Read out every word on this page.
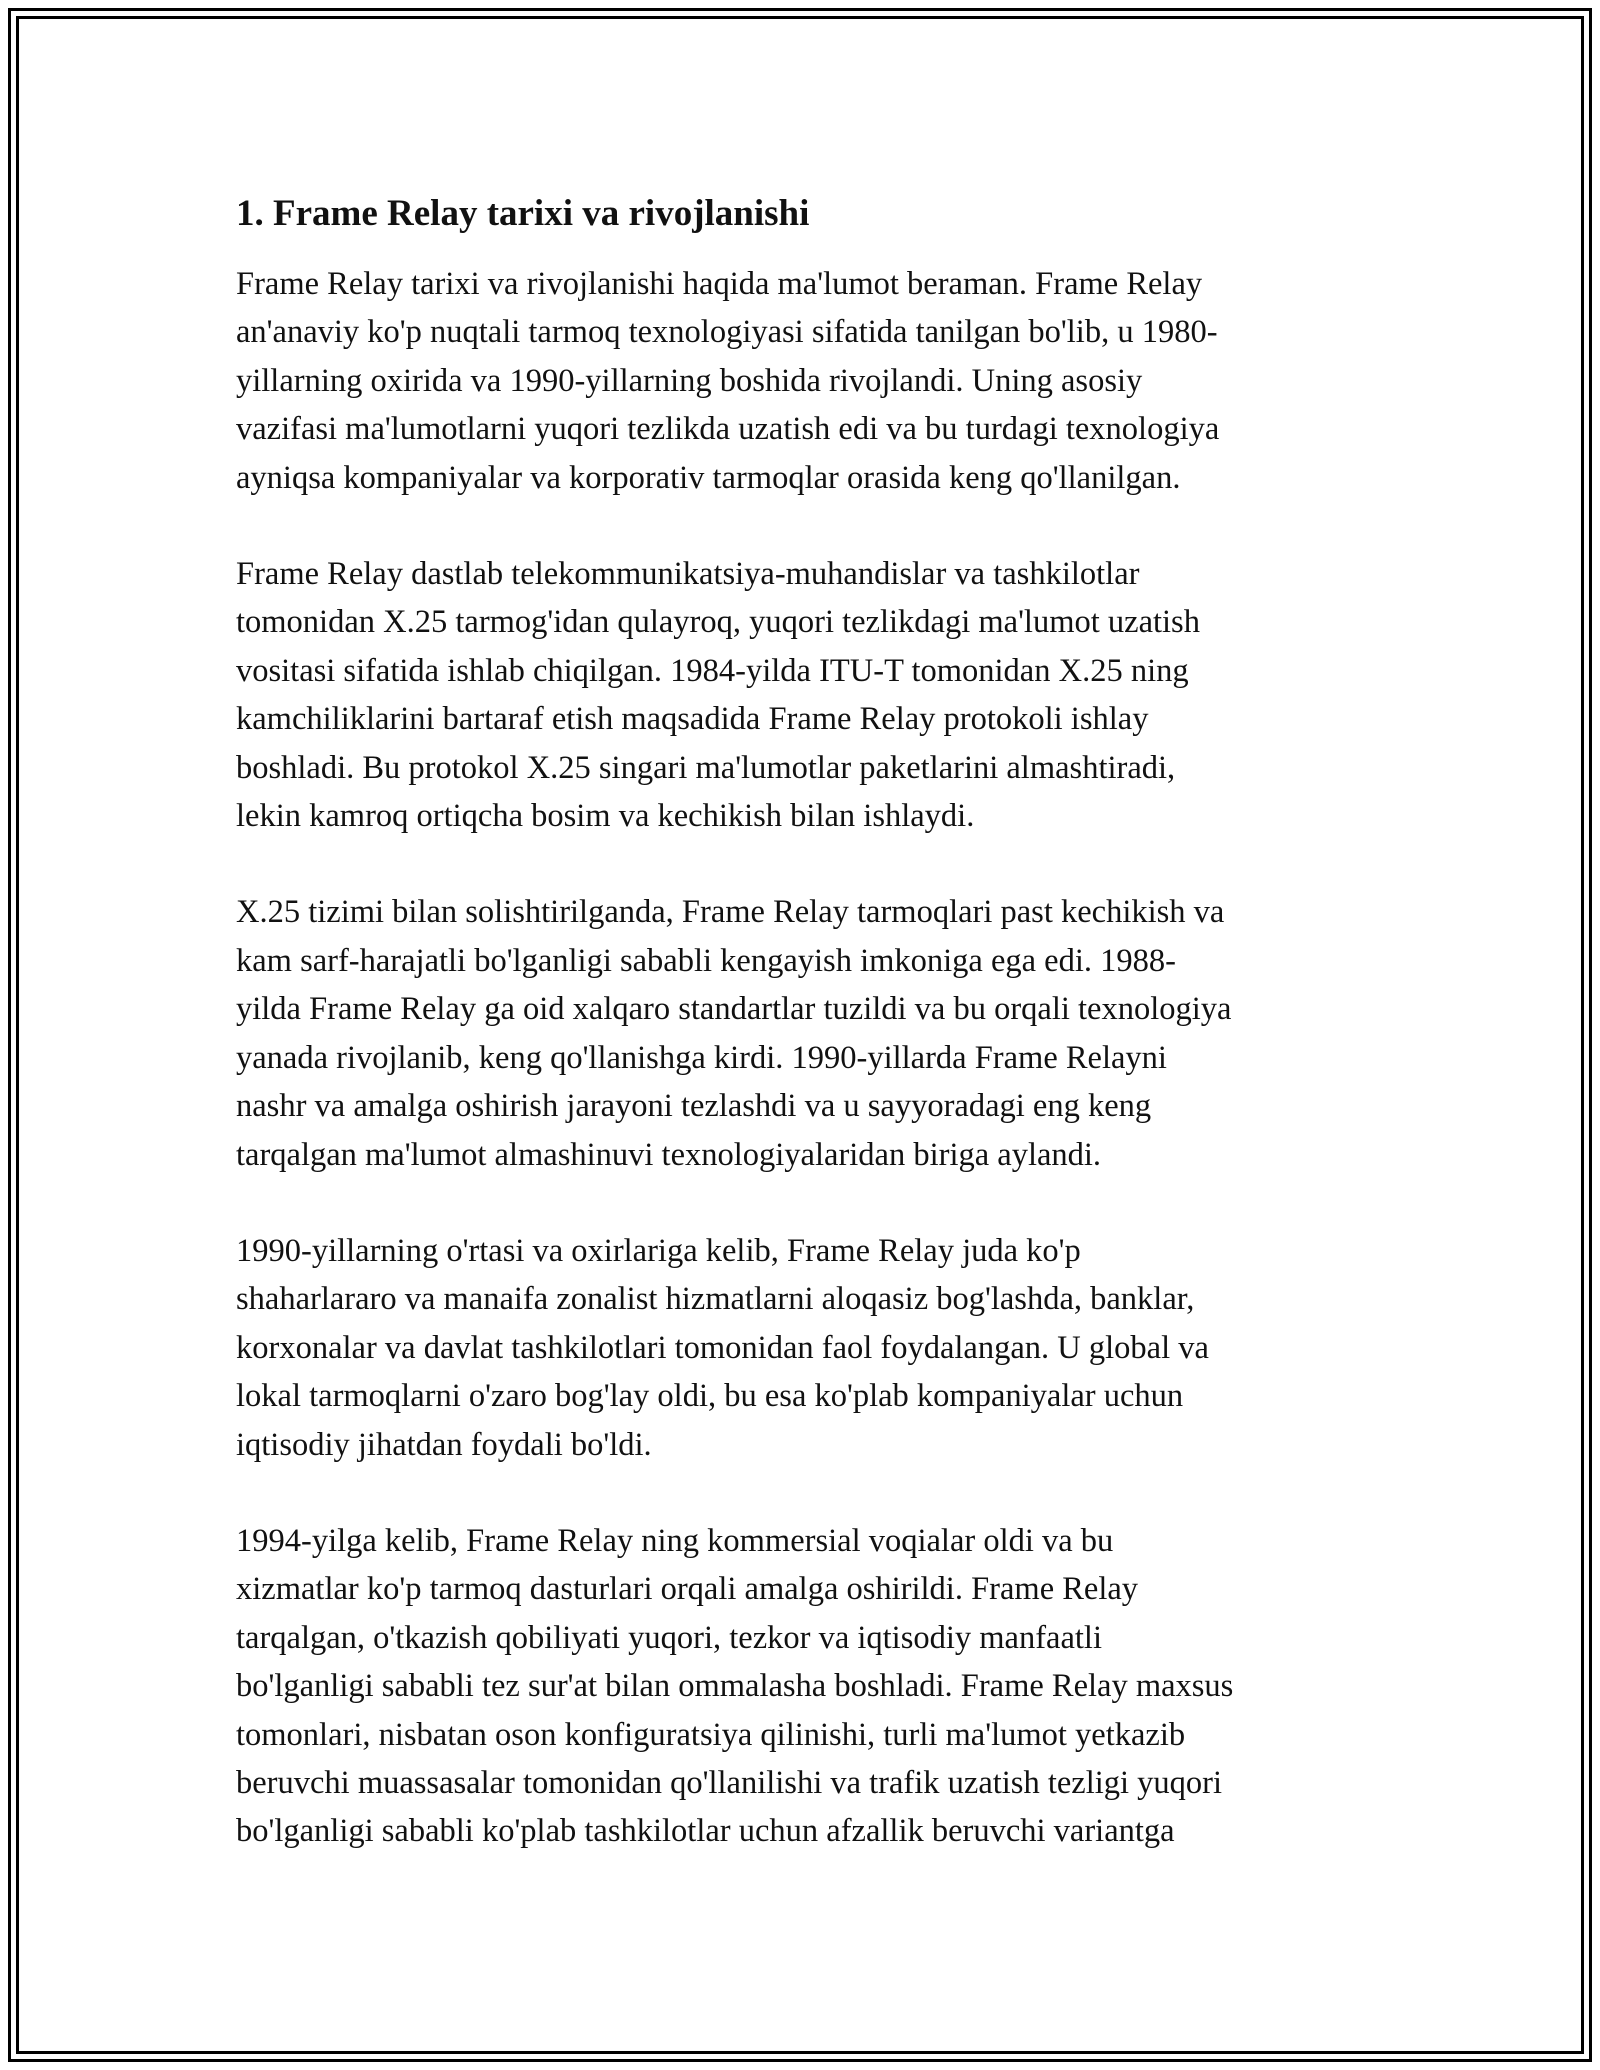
1. Frame Relay tarixi va rivojlanishi

Frame Relay tarixi va rivojlanishi haqida ma'lumot beraman. Frame Relay
an'anaviy ko'p nuqtali tarmoq texnologiyasi sifatida tanilgan bo'lib, u 1980-
yillarning oxirida va 1990-yillarning boshida rivojlandi. Uning asosiy
vazifasi ma'lumotlarni yuqori tezlikda uzatish edi va bu turdagi texnologiya
ayniqsa kompaniyalar va korporativ tarmoqlar orasida keng qo'llanilgan.

Frame Relay dastlab telekommunikatsiya-muhandislar va tashkilotlar
tomonidan X.25 tarmog'idan qulayroq, yuqori tezlikdagi ma'lumot uzatish
vositasi sifatida ishlab chiqilgan. 1984-yilda ITU-T tomonidan X.25 ning
kamchiliklarini bartaraf etish maqsadida Frame Relay protokoli ishlay
boshladi. Bu protokol X.25 singari ma'lumotlar paketlarini almashtiradi,
lekin kamroq ortiqcha bosim va kechikish bilan ishlaydi.

X.25 tizimi bilan solishtirilganda, Frame Relay tarmoqlari past kechikish va
kam sarf-harajatli bo'lganligi sababli kengayish imkoniga ega edi. 1988-
yilda Frame Relay ga oid xalqaro standartlar tuzildi va bu orqali texnologiya
yanada rivojlanib, keng qo'llanishga kirdi. 1990-yillarda Frame Relayni
nashr va amalga oshirish jarayoni tezlashdi va u sayyoradagi eng keng
tarqalgan ma'lumot almashinuvi texnologiyalaridan biriga aylandi.

1990-yillarning o'rtasi va oxirlariga kelib, Frame Relay juda ko'p
shaharlararo va manaifa zonalist hizmatlarni aloqasiz bog'lashda, banklar,
korxonalar va davlat tashkilotlari tomonidan faol foydalangan. U global va
lokal tarmoqlarni o'zaro bog'lay oldi, bu esa ko'plab kompaniyalar uchun
iqtisodiy jihatdan foydali bo'ldi.

1994-yilga kelib, Frame Relay ning kommersial voqialar oldi va bu
xizmatlar ko'p tarmoq dasturlari orqali amalga oshirildi. Frame Relay
tarqalgan, o'tkazish qobiliyati yuqori, tezkor va iqtisodiy manfaatli
bo'lganligi sababli tez sur'at bilan ommalasha boshladi. Frame Relay maxsus
tomonlari, nisbatan oson konfiguratsiya qilinishi, turli ma'lumot yetkazib
beruvchi muassasalar tomonidan qo'llanilishi va trafik uzatish tezligi yuqori
bo'lganligi sababli ko'plab tashkilotlar uchun afzallik beruvchi variantga
